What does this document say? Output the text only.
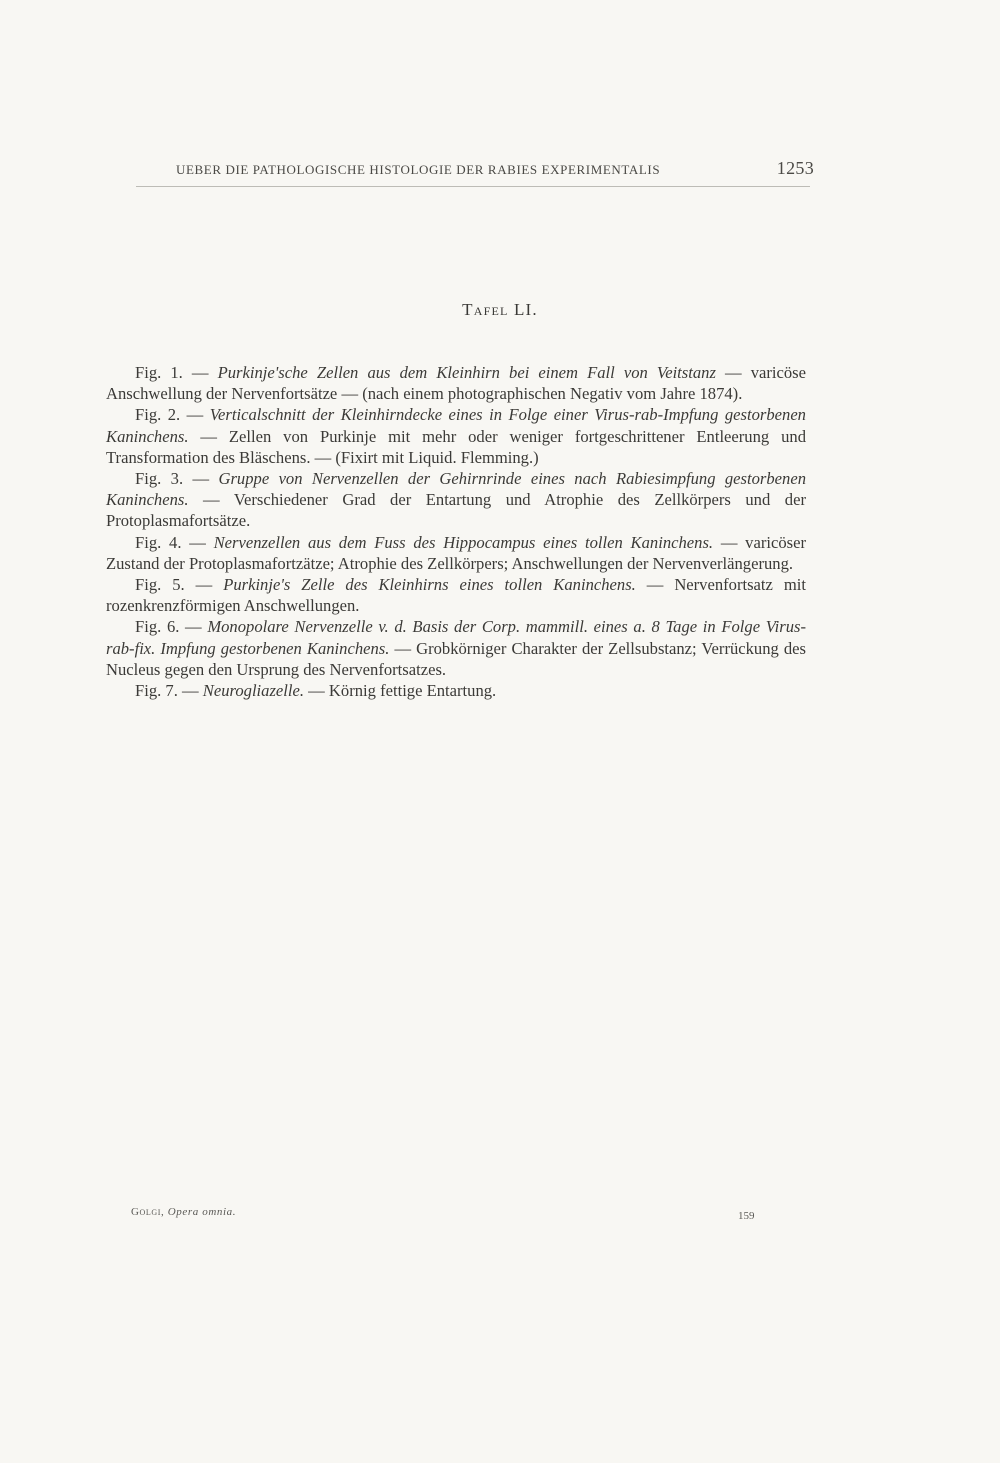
UEBER DIE PATHOLOGISCHE HISTOLOGIE DER RABIES EXPERIMENTALIS	1253
Tafel LI.

Fig. 1. — Purkinje'sche Zellen aus dem Kleinhirn bei einem Fall von Veitstanz — varicöse Anschwellung der Nervenfortsätze — (nach einem photographischen Negativ vom Jahre 1874).

Fig. 2. — Verticalschnitt der Kleinhirndecke eines in Folge einer Virus-rab-Impfung gestorbenen Kaninchens. — Zellen von Purkinje mit mehr oder weniger fortgeschrittener Entleerung und Transformation des Bläschens. — (Fixirt mit Liquid. Flemming.)

Fig. 3. — Gruppe von Nervenzellen der Gehirnrinde eines nach Rabiesimpfung gestorbenen Kaninchens. — Verschiedener Grad der Entartung und Atrophie des Zellkörpers und der Protoplasmafortsätze.

Fig. 4. — Nervenzellen aus dem Fuss des Hippocampus eines tollen Kaninchens. — varicöser Zustand der Protoplasmafortzätze; Atrophie des Zellkörpers; Anschwellungen der Nervenverlängerung.

Fig. 5. — Purkinje's Zelle des Kleinhirns eines tollen Kaninchens. — Nervenfortsatz mit rozenkrenzförmigen Anschwellungen.

Fig. 6. — Monopolare Nervenzelle v. d. Basis der Corp. mammill. eines a. 8 Tage in Folge Virus-rab-fix. Impfung gestorbenen Kaninchens. — Grobkörniger Charakter der Zellsubstanz; Verrückung des Nucleus gegen den Ursprung des Nervenfortsatzes.

Fig. 7. — Neurogliazelle. — Körnig fettige Entartung.

Golgi, Opera omnia.	159
